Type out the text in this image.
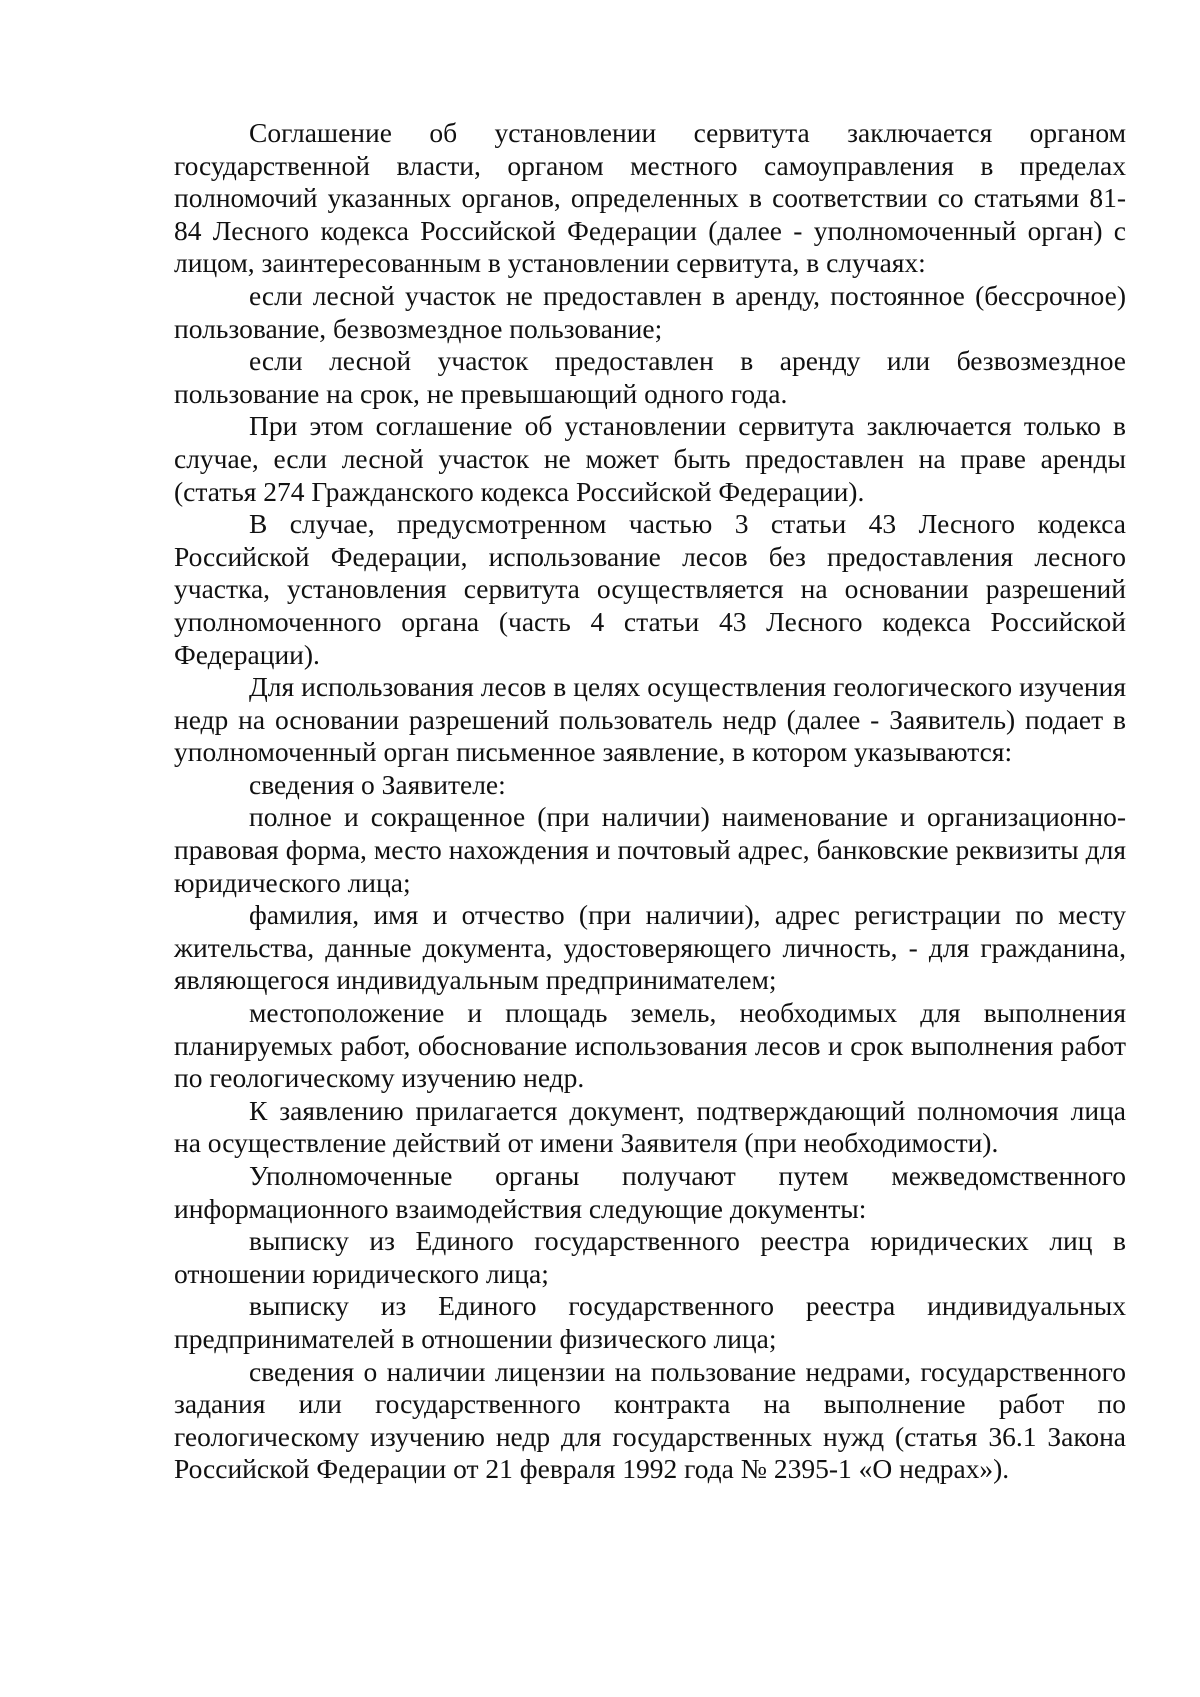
Соглашение об установлении сервитута заключается органом государственной власти, органом местного самоуправления в пределах полномочий указанных органов, определенных в соответствии со статьями 81-84 Лесного кодекса Российской Федерации (далее - уполномоченный орган) с лицом, заинтересованным в установлении сервитута, в случаях:

если лесной участок не предоставлен в аренду, постоянное (бессрочное) пользование, безвозмездное пользование;

если лесной участок предоставлен в аренду или безвозмездное пользование на срок, не превышающий одного года.

При этом соглашение об установлении сервитута заключается только в случае, если лесной участок не может быть предоставлен на праве аренды (статья 274 Гражданского кодекса Российской Федерации).

В случае, предусмотренном частью 3 статьи 43 Лесного кодекса Российской Федерации, использование лесов без предоставления лесного участка, установления сервитута осуществляется на основании разрешений уполномоченного органа (часть 4 статьи 43 Лесного кодекса Российской Федерации).

Для использования лесов в целях осуществления геологического изучения недр на основании разрешений пользователь недр (далее - Заявитель) подает в уполномоченный орган письменное заявление, в котором указываются:

сведения о Заявителе:

полное и сокращенное (при наличии) наименование и организационно-правовая форма, место нахождения и почтовый адрес, банковские реквизиты для юридического лица;

фамилия, имя и отчество (при наличии), адрес регистрации по месту жительства, данные документа, удостоверяющего личность, - для гражданина, являющегося индивидуальным предпринимателем;

местоположение и площадь земель, необходимых для выполнения планируемых работ, обоснование использования лесов и срок выполнения работ по геологическому изучению недр.

К заявлению прилагается документ, подтверждающий полномочия лица на осуществление действий от имени Заявителя (при необходимости).

Уполномоченные органы получают путем межведомственного информационного взаимодействия следующие документы:

выписку из Единого государственного реестра юридических лиц в отношении юридического лица;

выписку из Единого государственного реестра индивидуальных предпринимателей в отношении физического лица;

сведения о наличии лицензии на пользование недрами, государственного задания или государственного контракта на выполнение работ по геологическому изучению недр для государственных нужд (статья 36.1 Закона Российской Федерации от 21 февраля 1992 года № 2395-1 «О недрах»).
